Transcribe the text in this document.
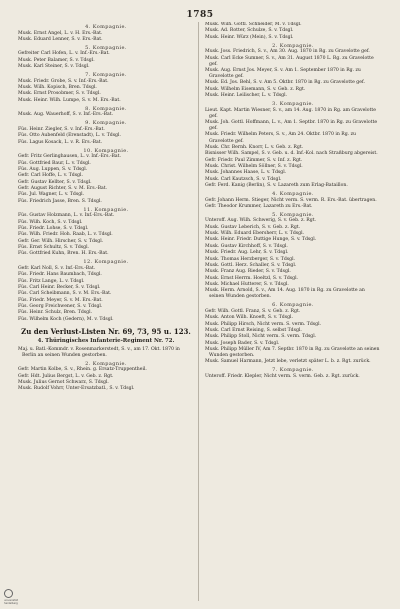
1785
4. Kompagnie.
Musk. Ernst Angel, L. v. H. Ers.-Bat.
Musk. Eduard Lenner, S. v. Ers.-Bat.
5. Kompagnie.
Gefreiter Carl Hofen, L. v. Inf.-Ers.-Bat.
Musk. Peter Balamer, S. v. Tdsgl.
Musk. Karl Steiner, S. v. Tdsgl.
7. Kompagnie.
Musk. Friedr. Grobe, S. v. Inf.-Ers.-Bat.
Musk. Wilh. Kopisch, Bren. Tdsgl.
Musk. Ernst Prosobmer, S. v. Tdsgl.
Musk. Heinr. Wilh. Lumpe, S. v. M. Ers.-Bat.
8. Kompagnie.
Musk. Aug. Wauerhoff, S. v. Inf.-Ers.-Bat.
9. Kompagnie.
Füs. Heinr. Ziegler, S. v. Inf.-Ers.-Bat.
Füs. Otto Aubenfeld (Erenstadt), L. v. Tdsgl.
Füs. Lagus Kosack, L. v. R. Ers.-Bat.
10. Kompagnie.
Gefr. Fritz Gerlinghausen, L. v. Inf.-Ers.-Bat.
Füs. Gottfried Baur, L. v. Tdsgl.
Füs. Aug. Luppen, S. v. Tdsgl.
Gefr. Carl Hoffe, L. v. Tdsgl.
Gefr. Gustav Kellter, S. v. Tdsgl.
Gefr. August Richter, S. v. M. Ers.-Bat.
Füs. Jul. Wagner, L. v. Tdsgl.
Füs. Friedrich Jasse, Bren. S. Tdsgl.
11. Kompagnie.
Füs. Gustav Holzmann, L. v. Inf.-Ers.-Bat.
Füs. Wilh. Koch, S. v. Tdsgl.
Füs. Friedr. Lohse, S. v. Tdsgl.
Füs. Wilh. Friedr. Hoh. Raab, L. v. Tdsgl.
Gefr. Ger. Wilh. Hirscher, S. v. Tdsgl.
Füs. Ernst Schultz, S. v. Tdsgl.
Füs. Gottfried Kuhn, Bren. H. Ers.-Bat.
12. Kompagnie.
Gefr. Karl Noll, S. v. Inf.-Ers.-Bat.
Füs. Friedr. Hans Baumbach, Tdsgl.
Füs. Fritz Lange, L. v. Tdsgl.
Füs. Carl Heinr. Becker, S. v. Tdsgl.
Füs. Carl Scheibmann, S. v. M. Ers.-Bat.
Füs. Friedr. Meyer, S. v. M. Ers.-Bat.
Füs. Georg Freichwener, S. v. Tdsgl.
Füs. Heinr. Schulz, Bren. Tdsgl.
Füs. Wilhelm Koch (Gedern), M. v. Tdsgl.
Zu den Verlust-Listen Nr. 69, 73, 95 u. 123.
4. Thüringisches Infanterie-Regiment Nr. 72.
Maj. u. Batl.-Kommdr. v. Rosenmarkerstedt, S. v., am 17. Okt. 1870 in Berlin an seinen Wunden gestorben.
2. Kompagnie.
Gefr. Martin Kolbe, S. v., Rhein. g. Ersatz-Truppentheil.
Gefr. Hdt. Julius Bergst, L. v. Geb. z. Rgt.
Musk. Julius Gernot Schwarz, S. Tdsgl.
Musk. Rudolf Vohrr, Unter-Ersatzbatl., S. v. Tdsgl.
Musk. Wilh. Gottl. Schneider, M. v. Tdsgl.
Musk. Ad. Rotter, Schulze, S. v. Tdsgl.
Musk. Heinr. Würz (Mein), S. v. Tdsgl.
2. Kompagnie.
Musk. Joss. Friedrich, S. v., Am 30. Aug. 1870 in Rg. zu Gravelotte gef.
Musk. Carl Ecke Sumner, S. v., Am 31. August 1870 L. Rg. zu Gravelotte gef.
Musk. Aug. Ernst Jos. Meyer, S. v. Am 1. September 1870 in Rg. zu Gravelotte gef.
Musk. Ed. Jos. Behl, S. v. Am 5. Oktbr. 1870 in Rg. zu Gravelotte gef.
Musk. Wilhelm Eisemann, S. v. Geb. z. Rgt.
Musk. Heinr. Leilischer, L. v. Tdsgl.
3. Kompagnie.
Lieut. Kapt. Martin Wiesner, S. v., am 14. Aug. 1870 in Rg. am Gravelotte gef.
Musk. Joh. Gottl. Hoffmann, L. v., Am 1. Septbr. 1870 in Rg. zu Gravelotte gef.
Musk. Friedr. Wilhelm Peters, S. v., Am 24. Oktbr. 1870 in Rg. zu Gravelotte gef.
Musk. Chr. Bernh. Knorr, L. v. Geb. z. Rgt.
Bisnisser Wilh. Sampel, S. v. Geb. u. d. Inf.-Kol. nach Straßburg abgereist.
Gefr. Friedr. Paul Zimmer, S. v. Inf. z. Rgt.
Musk. Christ. Wilhelm Söllner, S. v. Tdsgl.
Musk. Johannes Haase, L. v. Tdsgl.
Musk. Carl Kautzsch, S. v. Tdsgl.
Gefr. Ferd. Kanig (Berlin), S. v. Lazareth zum Erlag-Bataillon.
4. Kompagnie.
Gefr. Johann Herm. Stieger, Nicht verm. S. verm. R. Ers.-Bat. übertragen.
Gefr. Theodor Krummer, Lazareth zu Ers.-Bat.
5. Kompagnie.
Unteroff. Aug. Wilh. Schwerig, S. v. Geb. z. Rgt.
Musk. Gustav Leberich, S. v. Geb. z. Rgt.
Musk. Wilh. Eduard Ebersherr, L. v. Tdsgl.
Musk. Heinr. Friedr. Duttige Hunge, S. v. Tdsgl.
Musk. Gustav Kirchhoff, S. v. Tdsgl.
Musk. Friedr. Aug. Lehr, S. v. Tdsgl.
Musk. Thomas Herzberger, S. v. Tdsgl.
Musk. Gottl. Herz. Schaller, S. v. Tdsgl.
Musk. Franz Aug. Rieder, S. v. Tdsgl.
Musk. Ernst Herrm. Hoeltzl, S. v. Tdsgl.
Musk. Michael Hutterer, S. v. Tdsgl.
Musk. Herm. Arnold, S. v., Am 14. Aug. 1870 in Rg. zu Gravelotte an seinen Wunden gestorben.
6. Kompagnie.
Gefr. Wilh. Gottl. Franz, S. v. Geb. z. Rgt.
Musk. Anton Wilh. Knoeft, S. v. Tdsgl.
Musk. Philipp Hirsch, Nicht verm. S. verm. Tdsgl.
Musk. Carl Ernst Reising, S. selbst Tdsgl.
Musk. Philipp Stoll, Nicht verm. S. verm. Tdsgl.
Musk. Joseph Bader, S. v. Tdsgl.
Musk. Philipp Müller IV, Am 7. Septbr. 1870 in Rg. zu Gravelotte an seinen Wunden gestorben.
Musk. Samuel Harmann, Jetzt lebe, verletzt später L. b. z. Rgt. zurück.
7. Kompagnie.
Unteroff. Friedr. Klepler, Nicht verm. S. verm. Geb. z. Rgt. zurück.
universität
heidelberg
